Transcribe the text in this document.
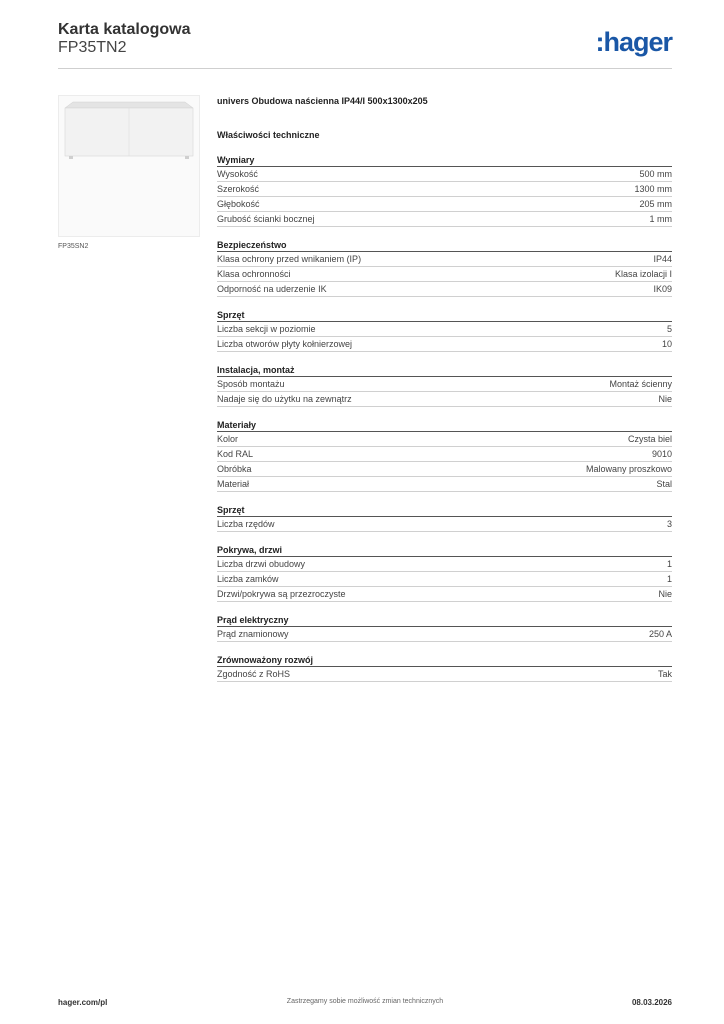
Karta katalogowa
FP35TN2	:hager
FP35SN2
univers Obudowa naścienna IP44/I 500x1300x205
Właściwości techniczne
Wymiary
Wysokość	500 mm
Szerokość	1300 mm
Głębokość	205 mm
Grubość ścianki bocznej	1 mm
Bezpieczeństwo
Klasa ochrony przed wnikaniem (IP)	IP44
Klasa ochronności	Klasa izolacji I
Odporność na uderzenie IK	IK09
Sprzęt
Liczba sekcji w poziomie	5
Liczba otworów płyty kołnierzowej	10
Instalacja, montaż
Sposób montażu	Montaż ścienny
Nadaje się do użytku na zewnątrz	Nie
Materiały
Kolor	Czysta biel
Kod RAL	9010
Obróbka	Malowany proszkowo
Materiał	Stal
Sprzęt
Liczba rzędów	3
Pokrywa, drzwi
Liczba drzwi obudowy	1
Liczba zamków	1
Drzwi/pokrywa są przezroczyste	Nie
Prąd elektryczny
Prąd znamionowy	250 A
Zrównoważony rozwój
Zgodność z RoHS	Tak
hager.com/pl	Zastrzegamy sobie możliwość zmian technicznych	08.03.2026
